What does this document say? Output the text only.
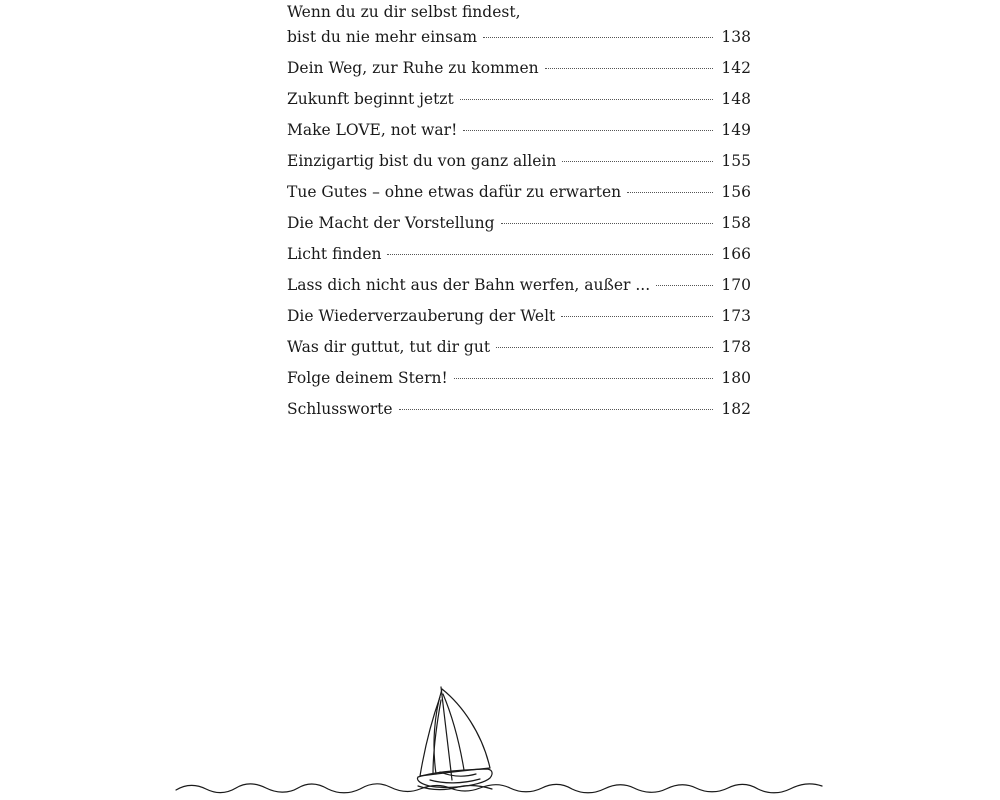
Wenn du zu dir selbst findest,
bist du nie mehr einsam	138
Dein Weg, zur Ruhe zu kommen	142
Zukunft beginnt jetzt	148
Make LOVE, not war!	149
Einzigartig bist du von ganz allein	155
Tue Gutes – ohne etwas dafür zu erwarten	156
Die Macht der Vorstellung	158
Licht finden	166
Lass dich nicht aus der Bahn werfen, außer ...	170
Die Wiederverzauberung der Welt	173
Was dir guttut, tut dir gut	178
Folge deinem Stern!	180
Schlussworte	182
